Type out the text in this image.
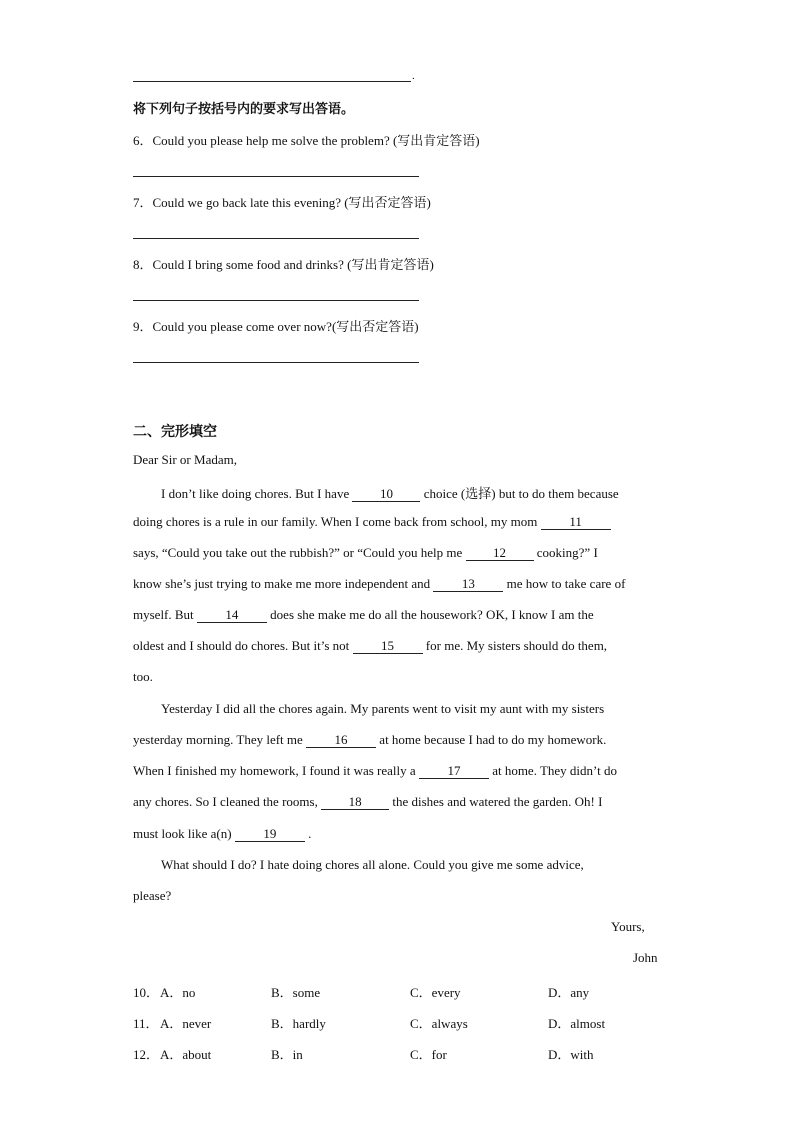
.
将下列句子按括号内的要求写出答语。
6．Could you please help me solve the problem? (写出肯定答语)
7．Could we go back late this evening? (写出否定答语)
8．Could I bring some food and drinks? (写出肯定答语)
9．Could you please come over now?(写出否定答语)
二、完形填空
Dear Sir or Madam,
I don’t like doing chores. But I have 10 choice (选择) but to do them because
doing chores is a rule in our family. When I come back from school, my mom 11
says, “Could you take out the rubbish?” or “Could you help me 12 cooking?” I
know she’s just trying to make me more independent and 13 me how to take care of
myself. But 14 does she make me do all the housework? OK, I know I am the
oldest and I should do chores. But it’s not 15 for me. My sisters should do them,
too.
Yesterday I did all the chores again. My parents went to visit my aunt with my sisters
yesterday morning. They left me 16 at home because I had to do my homework.
When I finished my homework, I found it was really a 17 at home. They didn’t do
any chores. So I cleaned the rooms, 18 the dishes and watered the garden. Oh! I
must look like a(n) 19 .
What should I do? I hate doing chores all alone. Could you give me some advice,
please?
Yours,
John
10． A．no	B．some	C．every	D．any
11． A．never	B．hardly	C．always	D．almost
12． A．about	B．in	C．for	D．with
